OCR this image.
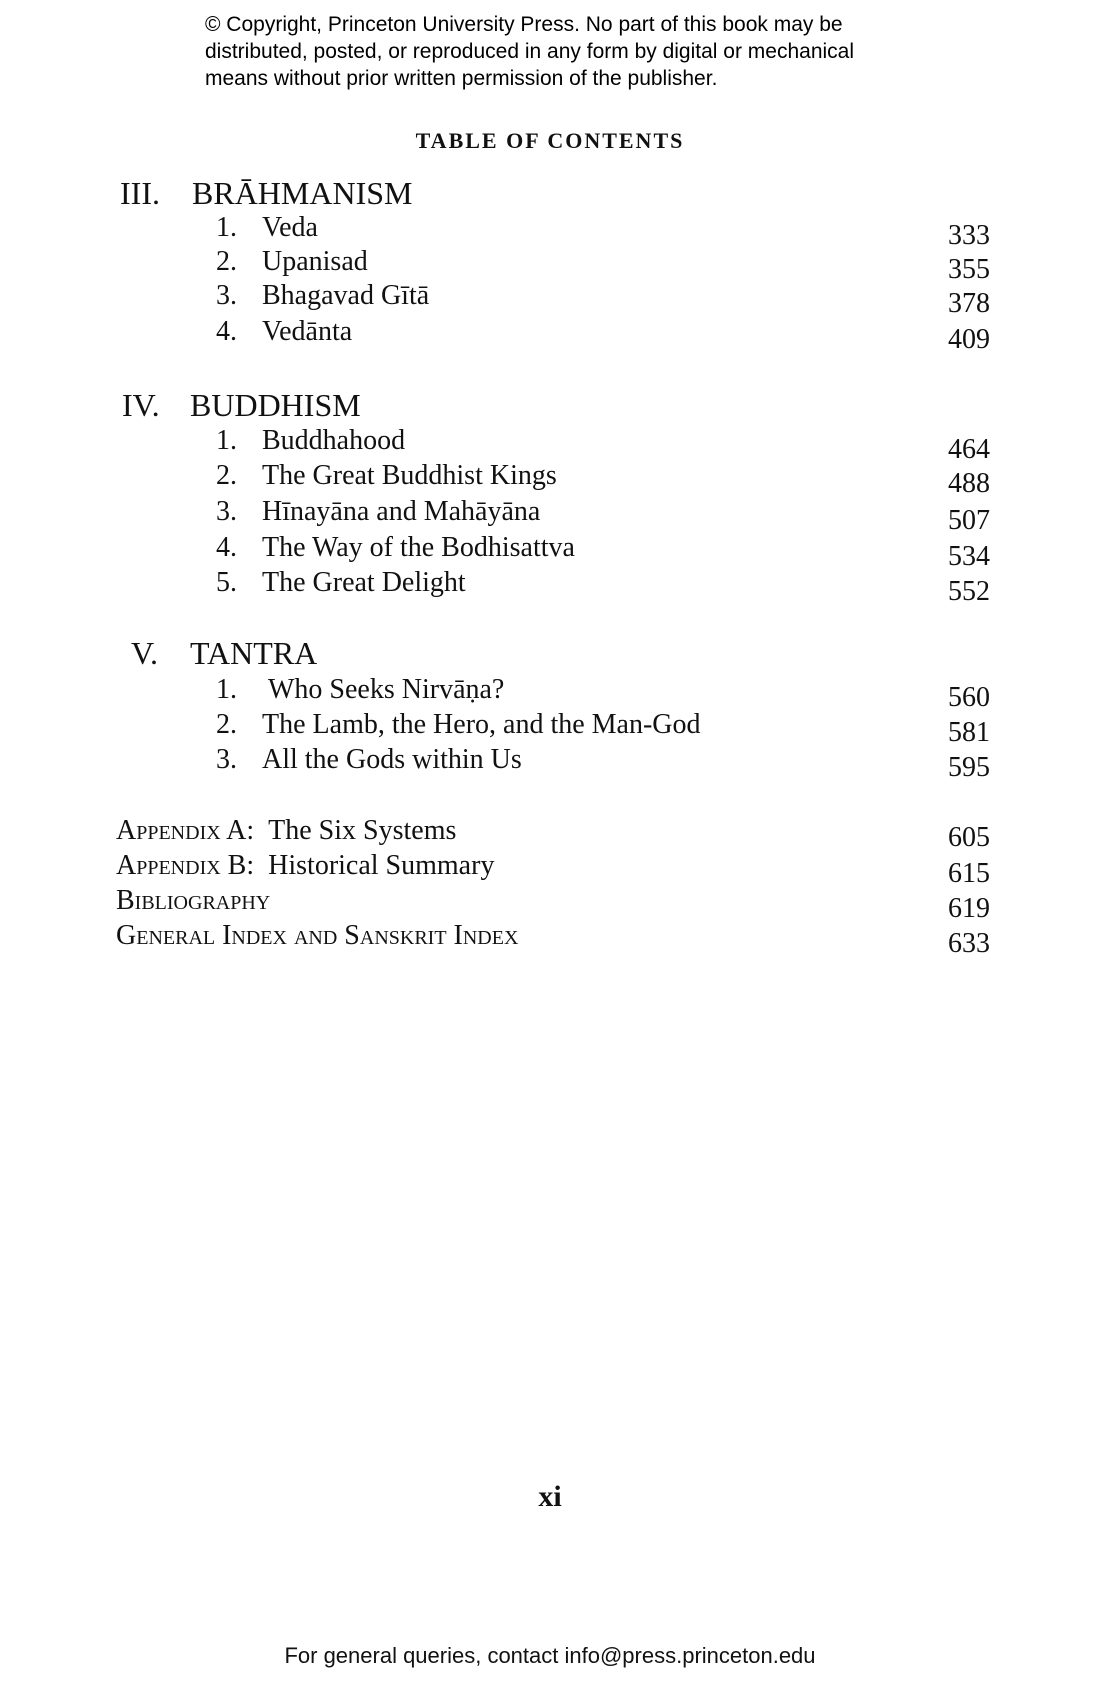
© Copyright, Princeton University Press. No part of this book may be
distributed, posted, or reproduced in any form by digital or mechanical
means without prior written permission of the publisher.
TABLE OF CONTENTS
III. BRĀHMANISM
1. Veda	333
2. Upanisad	355
3. Bhagavad Gītā	378
4. Vedānta	409
IV. BUDDHISM
1. Buddhahood	464
2. The Great Buddhist Kings	488
3. Hīnayāna and Mahāyāna	507
4. The Way of the Bodhisattva	534
5. The Great Delight	552
V. TANTRA
1. Who Seeks Nirvāṇa?	560
2. The Lamb, the Hero, and the Man-God	581
3. All the Gods within Us	595
Appendix A: The Six Systems	605
Appendix B: Historical Summary	615
Bibliography	619
General Index and Sanskrit Index	633
xi
For general queries, contact info@press.princeton.edu
